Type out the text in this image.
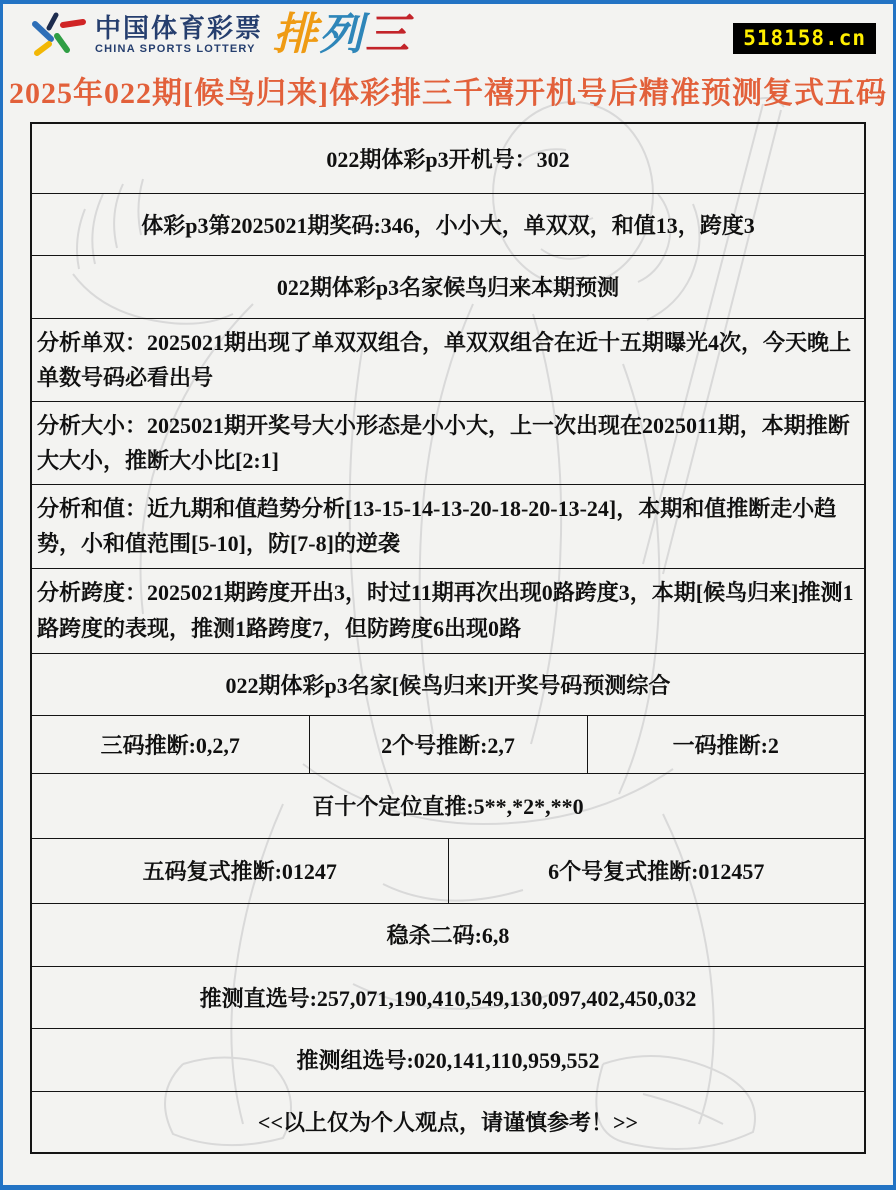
中国体育彩票
CHINA SPORTS LOTTERY 排列三	518158.cn
2025年022期[候鸟归来]体彩排三千禧开机号后精准预测复式五码
022期体彩p3开机号：302			
体彩p3第2025021期奖码:346，小小大，单双双，和值13，跨度3			
022期体彩p3名家候鸟归来本期预测			
分析单双：2025021期出现了单双双组合，单双双组合在近十五期曝光4次，今天晚上单数号码必看出号			
分析大小：2025021期开奖号大小形态是小小大，上一次出现在2025011期，本期推断大大小，推断大小比[2:1]			
分析和值：近九期和值趋势分析[13-15-14-13-20-18-20-13-24]，本期和值推断走小趋势，小和值范围[5-10]，防[7-8]的逆袭			
分析跨度：2025021期跨度开出3，时过11期再次出现0路跨度3，本期[候鸟归来]推测1路跨度的表现，推测1路跨度7，但防跨度6出现0路			
022期体彩p3名家[候鸟归来]开奖号码预测综合			
三码推断:0,2,7	2个号推断:2,7		一码推断:2
百十个定位直推:5**,*2*,**0			
五码复式推断:01247		6个号复式推断:012457	
稳杀二码:6,8			
推测直选号:257,071,190,410,549,130,097,402,450,032			
推测组选号:020,141,110,959,552			
<<以上仅为个人观点，请谨慎参考！>>			
